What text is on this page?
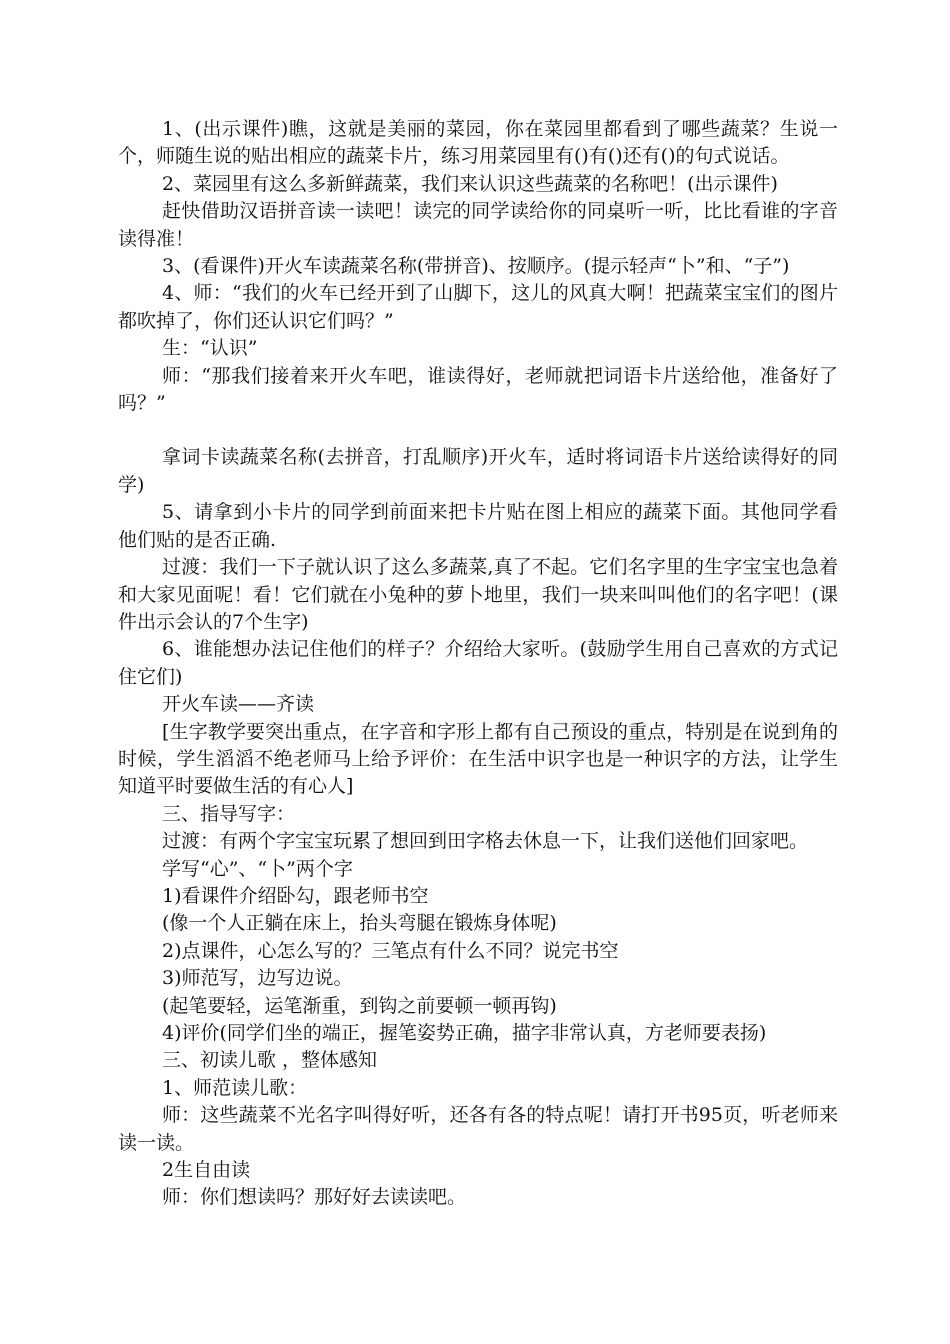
1、(出示课件)瞧，这就是美丽的菜园，你在菜园里都看到了哪些蔬菜？生说一个，师随生说的贴出相应的蔬菜卡片，练习用菜园里有()有()还有()的句式说话。

2、菜园里有这么多新鲜蔬菜，我们来认识这些蔬菜的名称吧！(出示课件)

赶快借助汉语拼音读一读吧！读完的同学读给你的同桌听一听，比比看谁的字音读得准！

3、(看课件)开火车读蔬菜名称(带拼音)、按顺序。(提示轻声“卜”和、“子”)

4、师：“我们的火车已经开到了山脚下，这儿的风真大啊！把蔬菜宝宝们的图片都吹掉了，你们还认识它们吗？”

生：“认识”

师：“那我们接着来开火车吧，谁读得好，老师就把词语卡片送给他，准备好了吗？”

拿词卡读蔬菜名称(去拼音，打乱顺序)开火车，适时将词语卡片送给读得好的同学)

5、请拿到小卡片的同学到前面来把卡片贴在图上相应的蔬菜下面。其他同学看他们贴的是否正确.

过渡：我们一下子就认识了这么多蔬菜,真了不起。它们名字里的生字宝宝也急着和大家见面呢！看！它们就在小兔种的萝卜地里，我们一块来叫叫他们的名字吧！(课件出示会认的7个生字)

6、谁能想办法记住他们的样子？介绍给大家听。(鼓励学生用自己喜欢的方式记住它们)

开火车读——齐读

[生字教学要突出重点，在字音和字形上都有自己预设的重点，特别是在说到角的时候，学生滔滔不绝老师马上给予评价：在生活中识字也是一种识字的方法，让学生知道平时要做生活的有心人]

三、指导写字：

过渡：有两个字宝宝玩累了想回到田字格去休息一下，让我们送他们回家吧。

学写“心”、“卜”两个字

1)看课件介绍卧勾，跟老师书空

(像一个人正躺在床上，抬头弯腿在锻炼身体呢)

2)点课件，心怎么写的？三笔点有什么不同？说完书空

3)师范写，边写边说。

(起笔要轻，运笔渐重，到钩之前要顿一顿再钩)

4)评价(同学们坐的端正，握笔姿势正确，描字非常认真，方老师要表扬)

三、初读儿歌 ，整体感知

1、师范读儿歌：

师：这些蔬菜不光名字叫得好听，还各有各的特点呢！请打开书95页，听老师来读一读。

2生自由读

师：你们想读吗？那好好去读读吧。
